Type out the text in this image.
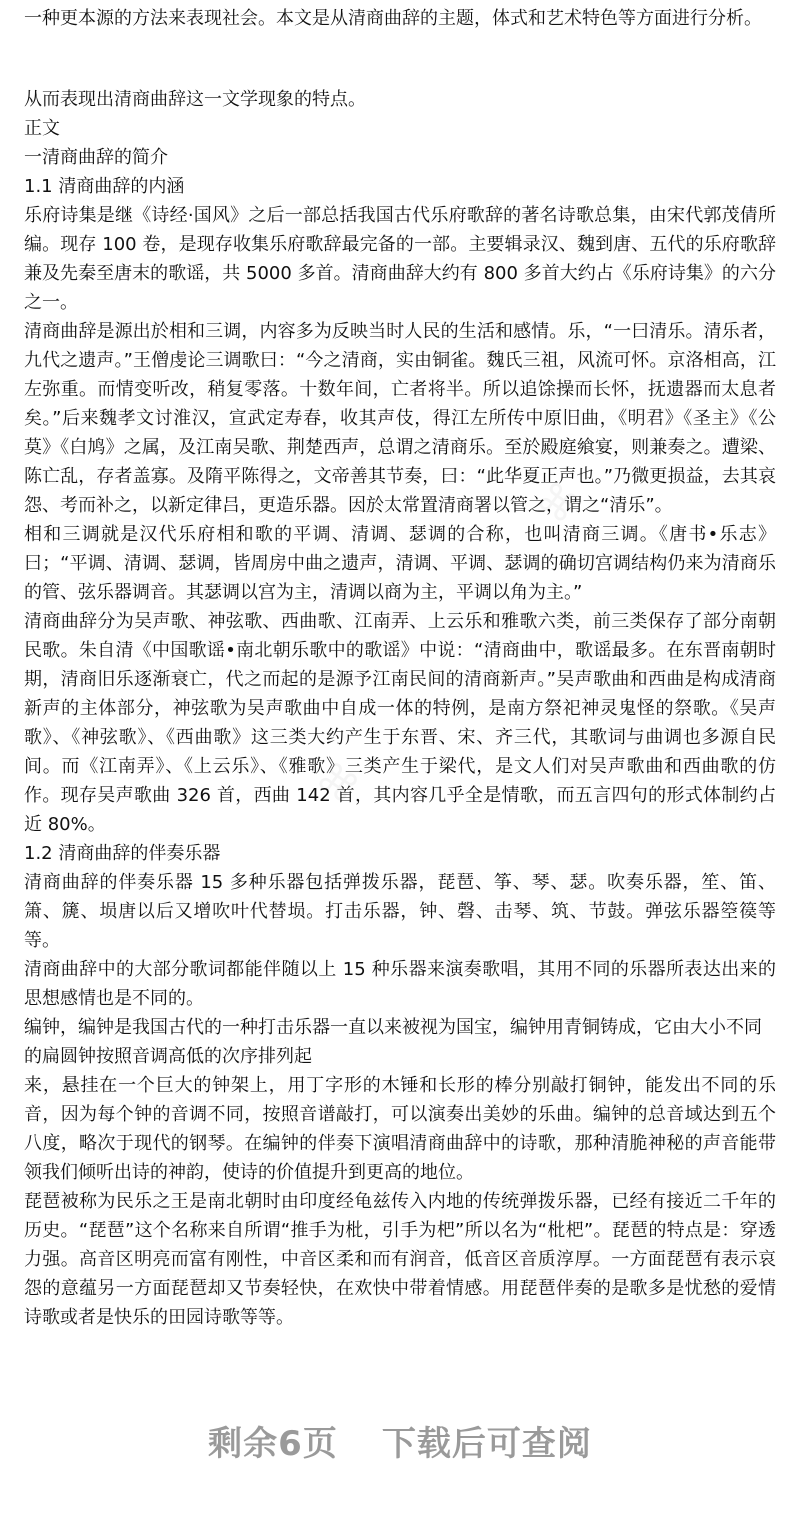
一种更本源的方法来表现社会。本文是从清商曲辞的主题，体式和艺术特色等方面进行分析。

从而表现出清商曲辞这一文学现象的特点。

正文

一清商曲辞的简介

1.1 清商曲辞的内涵

乐府诗集是继《诗经·国风》之后一部总括我国古代乐府歌辞的著名诗歌总集，由宋代郭茂倩所编。现存 100 卷，是现存收集乐府歌辞最完备的一部。主要辑录汉、魏到唐、五代的乐府歌辞兼及先秦至唐末的歌谣，共 5000 多首。清商曲辞大约有 800 多首大约占《乐府诗集》的六分之一。

清商曲辞是源出於相和三调，内容多为反映当时人民的生活和感情。乐，“一曰清乐。清乐者，九代之遗声。”王僧虔论三调歌曰：“今之清商，实由铜雀。魏氏三祖，风流可怀。京洛相高，江左弥重。而情变听改，稍复零落。十数年间，亡者将半。所以追馀操而长怀，抚遗器而太息者矣。”后来魏孝文讨淮汉，宣武定寿春，收其声伎，得江左所传中原旧曲，《明君》《圣主》《公莫》《白鸠》之属，及江南吴歌、荆楚西声，总谓之清商乐。至於殿庭飨宴，则兼奏之。遭梁、陈亡乱，存者盖寡。及隋平陈得之，文帝善其节奏，曰：“此华夏正声也。”乃微更损益，去其哀怨、考而补之，以新定律吕，更造乐器。因於太常置清商署以管之，谓之“清乐”。

相和三调就是汉代乐府相和歌的平调、清调、瑟调的合称，也叫清商三调。《唐书•乐志》曰；“平调、清调、瑟调，皆周房中曲之遗声，清调、平调、瑟调的确切宫调结构仍来为清商乐的管、弦乐器调音。其瑟调以宫为主，清调以商为主，平调以角为主。”

清商曲辞分为吴声歌、神弦歌、西曲歌、江南弄、上云乐和雅歌六类，前三类保存了部分南朝民歌。朱自清《中国歌谣•南北朝乐歌中的歌谣》中说：“清商曲中，歌谣最多。在东晋南朝时期，清商旧乐逐渐衰亡，代之而起的是源予江南民间的清商新声。”吴声歌曲和西曲是构成清商新声的主体部分，神弦歌为吴声歌曲中自成一体的特例，是南方祭祀神灵鬼怪的祭歌。《吴声歌》、《神弦歌》、《西曲歌》这三类大约产生于东晋、宋、齐三代，其歌词与曲调也多源自民间。而《江南弄》、《上云乐》、《雅歌》三类产生于梁代，是文人们对吴声歌曲和西曲歌的仿作。现存吴声歌曲 326 首，西曲 142 首，其内容几乎全是情歌，而五言四句的形式体制约占近 80%。

1.2 清商曲辞的伴奏乐器

清商曲辞的伴奏乐器 15 多种乐器包括弹拨乐器，琵琶、筝、琴、瑟。吹奏乐器，笙、笛、箫、篪、埙唐以后又增吹叶代替埙。打击乐器，钟、磬、击琴、筑、节鼓。弹弦乐器箜篌等等。

清商曲辞中的大部分歌词都能伴随以上 15 种乐器来演奏歌唱，其用不同的乐器所表达出来的思想感情也是不同的。

编钟，编钟是我国古代的一种打击乐器一直以来被视为国宝，编钟用青铜铸成，它由大小不同的扁圆钟按照音调高低的次序排列起

来，悬挂在一个巨大的钟架上，用丁字形的木锤和长形的棒分别敲打铜钟，能发出不同的乐音，因为每个钟的音调不同，按照音谱敲打，可以演奏出美妙的乐曲。编钟的总音域达到五个八度，略次于现代的钢琴。在编钟的伴奏下演唱清商曲辞中的诗歌，那种清脆神秘的声音能带领我们倾听出诗的神韵，使诗的价值提升到更高的地位。

琵琶被称为民乐之王是南北朝时由印度经龟兹传入内地的传统弹拨乐器，已经有接近二千年的历史。“琵琶”这个名称来自所谓“推手为枇，引手为杷”所以名为“枇杷”。琵琶的特点是：穿透力强。高音区明亮而富有刚性，中音区柔和而有润音，低音区音质淳厚。一方面琵琶有表示哀怨的意蕴另一方面琵琶却又节奏轻快，在欢快中带着情感。用琵琶伴奏的是歌多是忧愁的爱情诗歌或者是快乐的田园诗歌等等。

剩余6页 下载后可查阅
